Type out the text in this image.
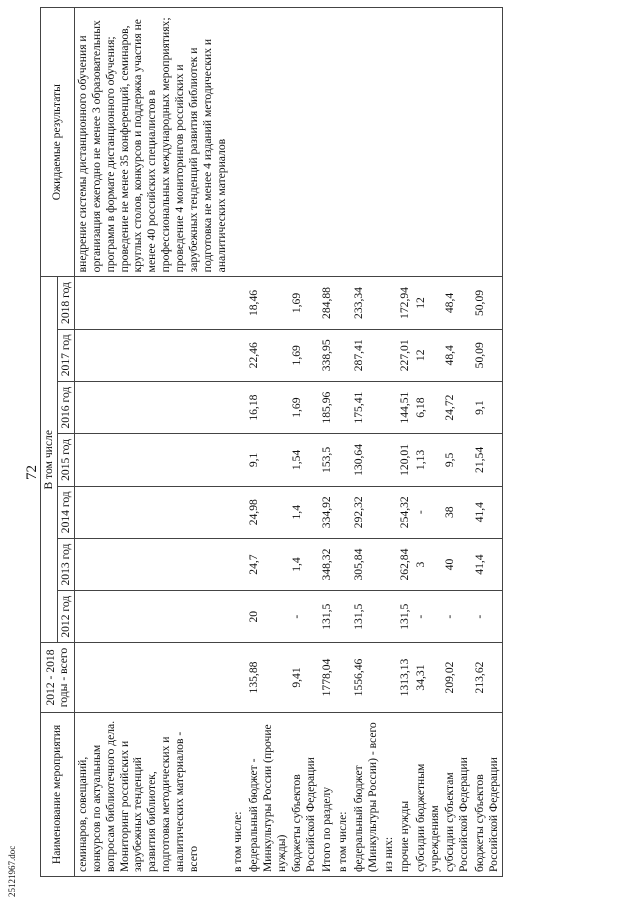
25121967.doc
72
Наименование мероприятия	2012 - 2018 годы - всего	В том числе							Ожидаемые результаты
		2012 год	2013 год	2014 год	2015 год	2016 год	2017 год	2018 год	
семинаров, совещаний, конкурсов по актуальным вопросам библиотечного дела. Мониторинг российских и зарубежных тенденций развития библиотек, подготовка методических и аналитических материалов - всего									внедрение системы дистанционного обучения и организация ежегодно не менее 3 образовательных программ в формате дистанционного обучения; проведение не менее 35 конференций, семинаров, круглых столов, конкурсов и поддержка участия не менее 40 российских специалистов в профессиональных международных мероприятиях; проведение 4 мониторингов российских и зарубежных тенденций развития библиотек и подготовка не менее 4 изданий методических и аналитических материалов
в том числе:									
федеральный бюджет - Минкультуры России (прочие нужды)	135,88	20	24,7	24,98	9,1	16,18	22,46	18,46	
бюджеты субъектов Российской Федерации	9,41	-	1,4	1,4	1,54	1,69	1,69	1,69	
Итого по разделу	1778,04	131,5	348,32	334,92	153,5	185,96	338,95	284,88	
в том числе:									
федеральный бюджет (Минкультуры России) - всего	1556,46	131,5	305,84	292,32	130,64	175,41	287,41	233,34	
из них:									
прочие нужды	1313,13	131,5	262,84	254,32	120,01	144,51	227,01	172,94	
субсидии бюджетным учреждениям	34,31	-	3	-	1,13	6,18	12	12	
субсидии субъектам Российской Федерации	209,02	-	40	38	9,5	24,72	48,4	48,4	
бюджеты субъектов Российской Федерации	213,62	-	41,4	41,4	21,54	9,1	50,09	50,09	
